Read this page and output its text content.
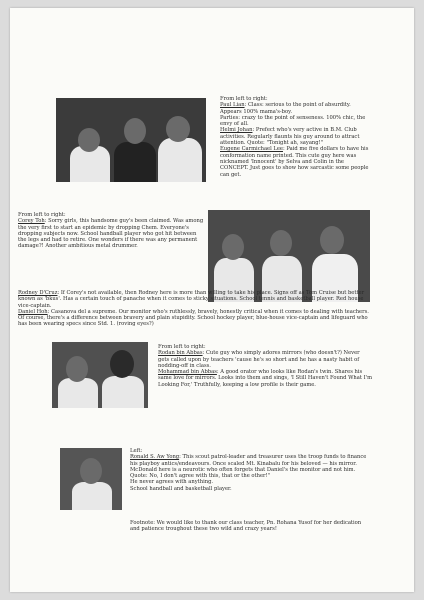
From left to right:

Paul Lian: Class: serious to the point of absurdity. Appears 100% mama's-boy.

Parties: crazy to the point of senseness. 100% chic, the envy of all.

Helmi Johan: Prefect who's very active in B.M. Club activities. Regularly flaunts his guy around to attract attention. Quote: "Tonight ah, sayang!"

Eugene Carmichael Lee: Paid me five dollars to have his conformation name printed. This cute guy here was nicknamed 'Innocent' by Selva and Colin in the CONCEPT. Just goes to show how sarcastic some people can get.

From left to right:

Corey Toh: Sorry girls, this handsome guy's been claimed. Was among the very first to start an epidemic by dropping Chem. Everyone's dropping subjects now. School handball player who got hit between the legs and had to retire. One wonders if there was any permanent damage?! Another ambitious metal drummer.

Rodney D'Cruz: If Corey's not available, then Rodney here is more than willing to take his place. Signs off as Tom Cruise but better known as 'bkus'. Has a certain touch of panache when it comes to sticky situations. School tennis and basketball player. Red house vice-captain.

Daniel Hoh: Casanova del a supreme. Our monitor who's ruthlessly, bravely, honestly critical when it comes to dealing with teachers. Of course, there's a difference between bravery and plain stupidity. School hockey player, blue-house vice-captain and lifeguard who has been wearing specs since Std. 1. (roving eyes?)

From left to right:

Rodan bin Abbas: Cute guy who simply adores mirrors (who doesn't?) Never gets called upon by teachers 'cause he's so short and he has a nasty habit of nodding-off in class.

Mohammad bin Abbas: A good orator who looks like Rodan's twin. Shares his same love for mirrors. Looks into them and sings, 'I Still Haven't Found What I'm Looking For,' Truthfully, keeping a low profile is their game.

Left:

Ronald S. Aw Yong: This scout patrol-leader and treasurer uses the troop funds to finance his playboy antics/endeavours. Once scaled Mt. Kinabalu for his beloved — his mirror. McDonald here is a neurotic who often forgets that Daniel's the monitor and not him.

Quote: No, I don't agree with this, that or the other!"

He never agrees with anything.

School handball and basketball player.

Footnote: We would like to thank our class teacher, Pn. Rohana Yusof for her dedication and patience troughout these two wild and crazy years!
